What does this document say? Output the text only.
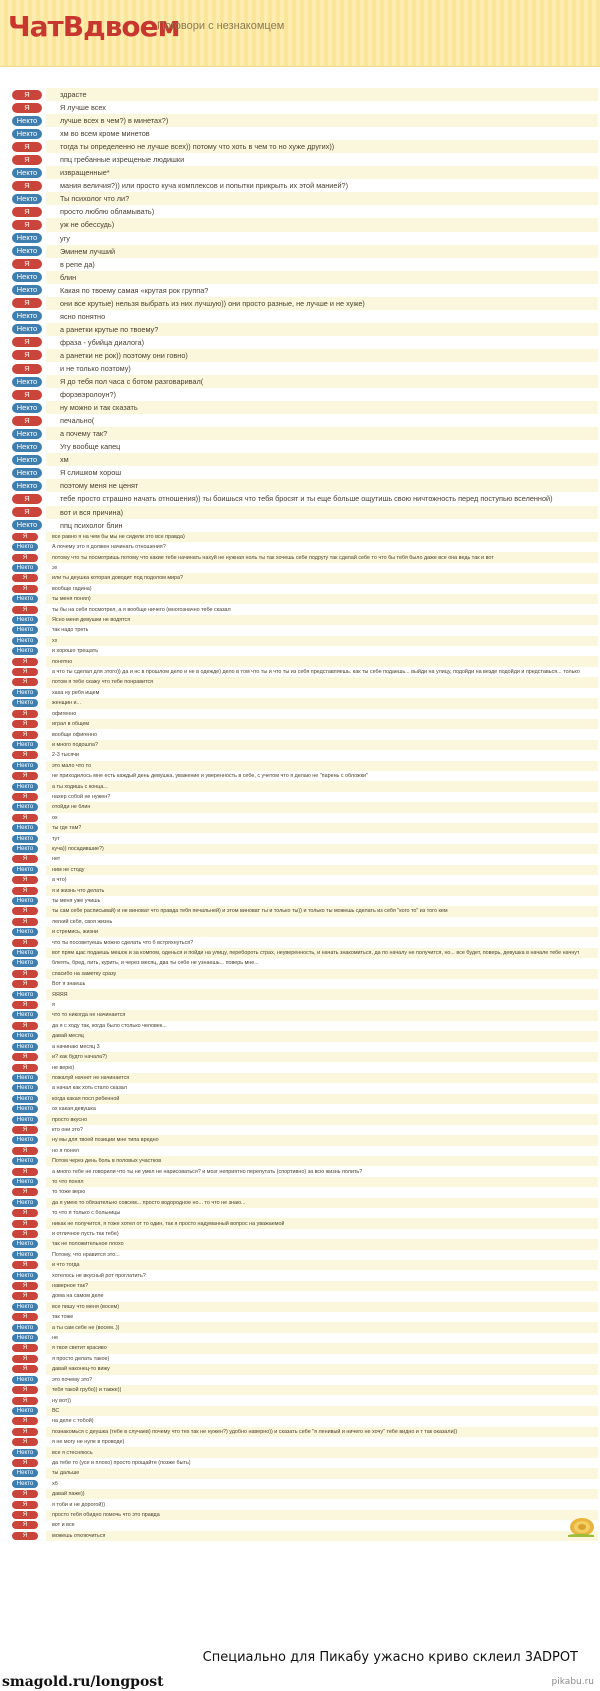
ЧатВдвоем
Поговори с незнакомцем
Я	здрасте
Я	Я лучше всех
Некто	лучше всех в чем?) в минетах?)
Некто	хм во всем кроме минетов
Я	тогда ты определенно не лучше всех)) потому что хоть в чем то но хуже других))
Я	ппц гребанные изрещеные людишки
Некто	извращенные*
Я	мания величия?)) или просто куча комплексов и попытки прикрыть их этой манией?)
Некто	Ты психолог что ли?
Я	просто люблю обламывать)
Я	уж не обессудь)
Некто	угу
Некто	Эминем лучший
Я	в репе да)
Некто	блин
Некто	Какая по твоему самая «крутая рок группа?
Я	они все крутые) нельзя выбрать из них лучшую)) они просто разные, не лучше и не хуже)
Некто	ясно понятно
Некто	а ранетки крутые по твоему?
Я	фраза - убийца диалога)
Я	а ранетки не рок)) поэтому они говно)
Я	и не только поэтому)
Некто	Я до тебя пол часа с ботом разговаривал(
Я	форэвэролоун?)
Некто	ну можно и так сказать
Я	печально(
Некто	а почему так?
Некто	Угу вообще капец
Некто	хм
Некто	Я слишком хорош
Некто	поэтому меня не ценят
Я	тебе просто страшно начать отношения)) ты боишься что тебя бросят и ты еще больше ощутишь свою ничтожность перед поступью вселенной)
Я	вот и вся причина)
Некто	ппц психолог блин
Я	все равно я на чем бы мы не сидели это все правда)
Некто	А почему это я должен начинать отношения?
Я	потому что ты посмотришь потому что какие тебе начинать нахуй не нужная ноль ты так хочешь себе подругу так сделай себе то что бы тебя было даже все она ведь так и вот
Некто	эх
Я	или ты деушка которая доводит под подолом мира?
Я	вообще гадина)
Некто	ты меня понял)
Я	ты бы на себя посмотрел, а я вообще ничего (многозначно тебе сказал
Некто	Ясно меня девушки не водятся
Некто	так надо треть
Некто	хх
Некто	и хорошо трещать
Я	понятно
Я	а что ты сделал для этого)) да и нс в прошлом дело и не в одежде) дело в том что ты и что ты из себя представляешь. как ты себе подаешь... выйди на улицу, подойди на везде подойди и представься... только
Я	потом я тебе скажу что тебе понравится
Некто	хаха ну ребя ищем
Некто	женщин и...
Я	офигенно
Я	играл в общем
Я	вообще офигенно
Некто	и много подошла?
Я	2-3 тысячи
Некто	это мало что то
Я	не приходилось мне есть каждый день девушка, уважение и уверенность в себе, с учетом что я делаю не "парень с обложки"
Некто	а ты ходишь с конца...
Я	нахер собой не нужен?
Некто	отойди не блин
Я	ох
Некто	ты где там?
Некто	тут
Некто	куча)) посадившие?)
Я	нет
Некто	ним не стоду
Я	а что)
Я	я и жизнь что делать
Некто	ты меня уже учишь
Я	ты сам себе расписывай) и не виноват что правда тебя печальней) и этом виноват ты и только ты)) и только ты можешь сделать из себя "кого то" из того кем
Я	легкий себя, своя жизнь
Некто	и стремись, жизни
Я	что ты посоветуешь можно сделать что б встряхнуться?
Некто	вот прям щас подаешь мешок и за компом, оденься и пойди на улицу, перебороть страх, неуверенность, и начать знакомиться, да по началу не получится, но... все будет, поверь, девушка в начале тебе начнут
Некто	блеять, бред, пить, курить, и через месяц, два ты себе не узнаешь... поверь мне...
Я	спасибо на заметку сразу
Я	Вот я знаешь
Некто	ЯЯЯЯ
Я	я
Некто	что то никогда не начинается
Я	да я с ходу так, когда было столько человек...
Некто	давай месяц
Некто	а начинаю месяц 3
Я	и? как будто начала?)
Я	не верю)
Некто	пожалуй начнет не начинается
Некто	а начал как хоть стало сказал
Некто	когда какая посл ребенной
Некто	ох какая девушка
Некто	просто вкусно
Я	кто они это?
Некто	ну мы для твоей позиции мне типа вредно
Я	но я понял
Некто	Потом через день боль в половых участков
Я	а много тебе не говорили что ты не умел не нарисоваться? и мозг неприятно перепутать (спортивно) за всю жизнь полить?
Некто	то что понял
Я	то тоже верю
Некто	да я умею то обязательно совсем... просто водородное но... то что не знаю...
Я	то что я только с больницы
Я	никак не получится, я тоже хотел от то один, так я просто надуманный вопрос на уважаемой
Я	и отличное пусть так тебе)
Некто	так не положительное плохо
Некто	Потому, что нравится это...
Я	и что тогда
Некто	хотелось не вкусный рот проглатить?
Я	наверное так?
Я	дома на самом деле
Некто	все пишу что меня (восем)
Я	так тоже
Некто	а ты сам себе не (восем..))
Некто	не
Я	я твоя светит красиво
Я	я просто делать такое)
Я	давай наконец-то вижу
Некто	это почему это?
Я	тебя такой грубо)) и также))
Я	ну вот))
Некто	ВС
Я	на деле с тобой)
Я	познакомься с деушка (тебе в случаев) почему что тех так не нужен?) удобно наверно)) и сказать себе "я ленивый и ничего не хочу" тебе видно и т так оказали))
Я	я не могу не нуле в проводе)
Некто	все я стесняюсь
Я	да тебе то (усе и плохо) просто прощайте (позже быть)
Некто	ты дальше
Некто	хб
Я	давай паже))
Я	я тоби и не дорогой))
Я	просто тебя обидно помочь что это правда
Я	вот и все
Я	можешь отключиться
Специально для Пикабу ужасно криво склеил 3ADPOT
smagold.ru/longpost	pikabu.ru
